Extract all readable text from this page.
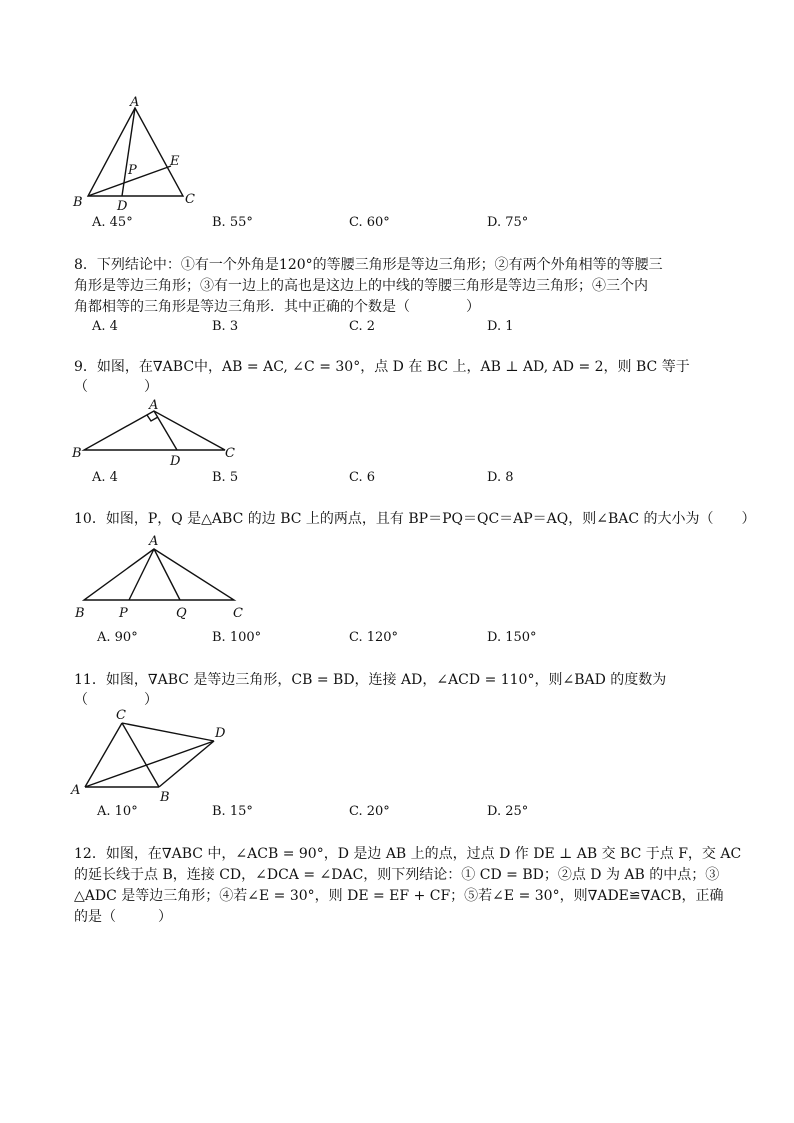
A
B	C
D
E
P
A. 45°	B. 55°	C. 60°	D. 75°
8．下列结论中：①有一个外角是120°的等腰三角形是等边三角形；②有两个外角相等的等腰三
角形是等边三角形；③有一边上的高也是这边上的中线的等腰三角形是等边三角形；④三个内
角都相等的三角形是等边三角形．其中正确的个数是（　　　　）
A. 4	B. 3	C. 2	D. 1
9．如图，在∇ABC中，AB = AC, ∠C = 30°，点 D 在 BC 上，AB ⊥ AD, AD = 2，则 BC 等于
（　　　　）
A
B	C
D
A. 4	B. 5	C. 6	D. 8
10．如图，P，Q 是△ABC 的边 BC 上的两点，且有 BP＝PQ＝QC＝AP＝AQ，则∠BAC 的大小为（　　）
A
B	P	Q	C
A. 90°	B. 100°	C. 120°	D. 150°
11．如图，∇ABC 是等边三角形，CB = BD，连接 AD，∠ACD = 110°，则∠BAD 的度数为
（　　　　）
A	B
C
D
A. 10°	B. 15°	C. 20°	D. 25°
12．如图，在∇ABC 中，∠ACB = 90°，D 是边 AB 上的点，过点 D 作 DE ⊥ AB 交 BC 于点 F，交 AC
的延长线于点 B，连接 CD，∠DCA = ∠DAC，则下列结论：① CD = BD；②点 D 为 AB 的中点；③
△ADC 是等边三角形；④若∠E = 30°，则 DE = EF + CF；⑤若∠E = 30°，则∇ADE≌∇ACB，正确
的是（　　　）
